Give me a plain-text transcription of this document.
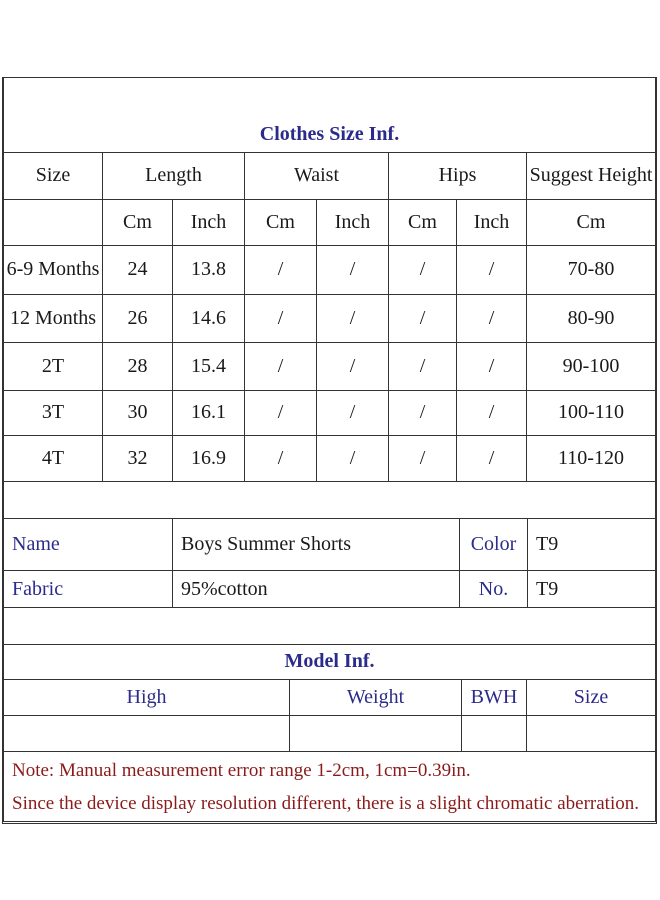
Clothes Size Inf.							
Size	Length		Waist		Hips		Suggest Height
	Cm	Inch	Cm	Inch	Cm	Inch	Cm
6-9 Months	24	13.8	/	/	/	/	70-80
12 Months	26	14.6	/	/	/	/	80-90
2T	28	15.4	/	/	/	/	90-100
3T	30	16.1	/	/	/	/	100-110
4T	32	16.9	/	/	/	/	110-120

Name	Boys Summer Shorts	Color	T9
Fabric	95%cotton	No.	T9

Model Inf.			
High	Weight	BWH	Size

Note: Manual measurement error range 1-2cm, 1cm=0.39in.
Since the device display resolution different, there is a slight chromatic aberration.
